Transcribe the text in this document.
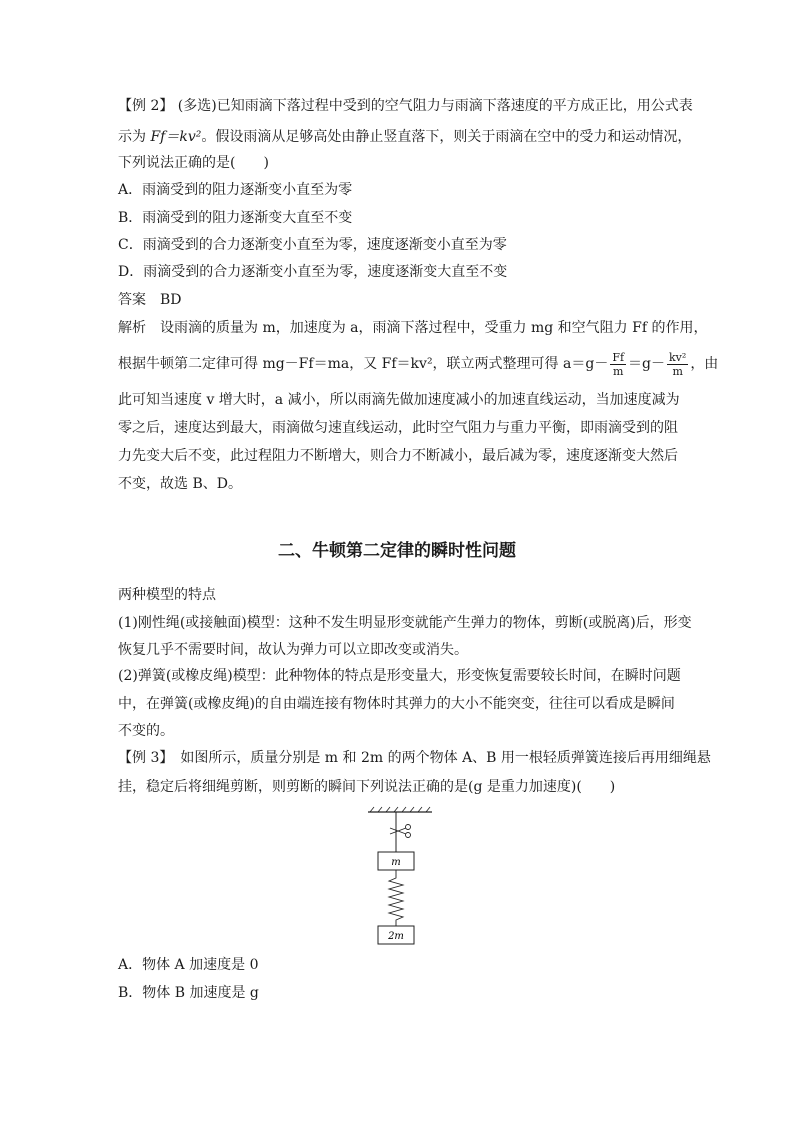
【例 2】 (多选)已知雨滴下落过程中受到的空气阻力与雨滴下落速度的平方成正比，用公式表
示为 Ff＝kv²。假设雨滴从足够高处由静止竖直落下，则关于雨滴在空中的受力和运动情况，
下列说法正确的是(　　)
A．雨滴受到的阻力逐渐变小直至为零
B．雨滴受到的阻力逐渐变大直至不变
C．雨滴受到的合力逐渐变小直至为零，速度逐渐变小直至为零
D．雨滴受到的合力逐渐变小直至为零，速度逐渐变大直至不变
答案　BD
解析　设雨滴的质量为 m，加速度为 a，雨滴下落过程中，受重力 mg 和空气阻力 Ff 的作用，
根据牛顿第二定律可得 mg－Ff＝ma，又 Ff＝kv²，联立两式整理可得 $a=g- \frac{Ff}{m} =g- \frac{\text{kv²}}{m}$ ，由
此可知当速度 v 增大时，a 减小，所以雨滴先做加速度减小的加速直线运动，当加速度减为
零之后，速度达到最大，雨滴做匀速直线运动，此时空气阻力与重力平衡，即雨滴受到的阻
力先变大后不变，此过程阻力不断增大，则合力不断减小，最后减为零，速度逐渐变大然后
不变，故选 B、D。
二、牛顿第二定律的瞬时性问题
两种模型的特点
(1)刚性绳(或接触面)模型：这种不发生明显形变就能产生弹力的物体，剪断(或脱离)后，形变
恢复几乎不需要时间，故认为弹力可以立即改变或消失。
(2)弹簧(或橡皮绳)模型：此种物体的特点是形变量大，形变恢复需要较长时间，在瞬时问题
中，在弹簧(或橡皮绳)的自由端连接有物体时其弹力的大小不能突变，往往可以看成是瞬间
不变的。
【例 3】　如图所示，质量分别是 m 和 2m 的两个物体 A、B 用一根轻质弹簧连接后再用细绳悬
挂，稳定后将细绳剪断，则剪断的瞬间下列说法正确的是(g 是重力加速度)(　　)
m
2m
A．物体 A 加速度是 0
B．物体 B 加速度是 g
